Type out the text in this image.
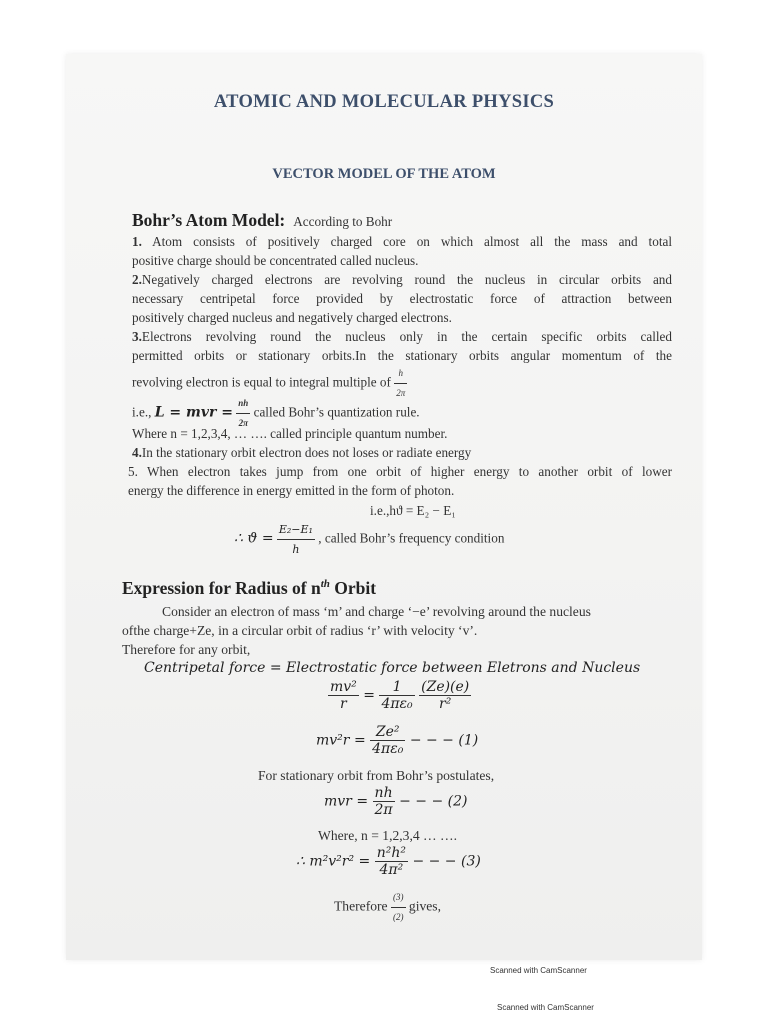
ATOMIC AND MOLECULAR PHYSICS
VECTOR MODEL OF THE ATOM
Bohr’s Atom Model: According to Bohr
1. Atom consists of positively charged core on which almost all the mass and total
positive charge should be concentrated called nucleus.
2.Negatively charged electrons are revolving round the nucleus in circular orbits and
necessary centripetal force provided by electrostatic force of attraction between
positively charged nucleus and negatively charged electrons.
3.Electrons revolving round the nucleus only in the certain specific orbits called
permitted orbits or stationary orbits.In the stationary orbits angular momentum of the
revolving electron is equal to integral multiple of $\frac{h}{2\pi}$
i.e., L = mvr = $\frac{nh}{2\pi}$ called Bohr’s quantization rule.
Where n = 1,2,3,4, … …. called principle quantum number.
4.In the stationary orbit electron does not loses or radiate energy
5. When electron takes jump from one orbit of higher energy to another orbit of lower
energy the difference in energy emitted in the form of photon.
i.e.,hϑ = E₂ − E₁
∴ $ϑ = \frac{\text{E₂−E₁}}{h}$ , called Bohr’s frequency condition
Expression for Radius of $n^{th}$ Orbit
Consider an electron of mass ‘m’ and charge ‘−e’ revolving around the nucleus
ofthe charge+Ze, in a circular orbit of radius ‘r’ with velocity ‘v’.
Therefore for any orbit,
Centripetal force = Electrostatic force between Eletrons and Nucleus
$\frac{\text{mv²}}{r} = \frac{1}{\text{4πε₀}}$
$\frac{(Ze)(e)}{\text{r²}}$
$mv^2r = \frac{\text{Ze²}}{\text{4πε₀}}$ − − − (1)
For stationary orbit from Bohr’s postulates,
mvr = $\frac{nh}{2\pi}$ − − − (2)
Where, n = 1,2,3,4 … ….
∴ $m^2v^2r^2 = \frac{\text{n²h²}}{\text{4π²}}$ − − − (3)
Therefore $\frac{(3)}{(2)}$ gives,
Scanned with CamScanner
Scanned with CamScanner
